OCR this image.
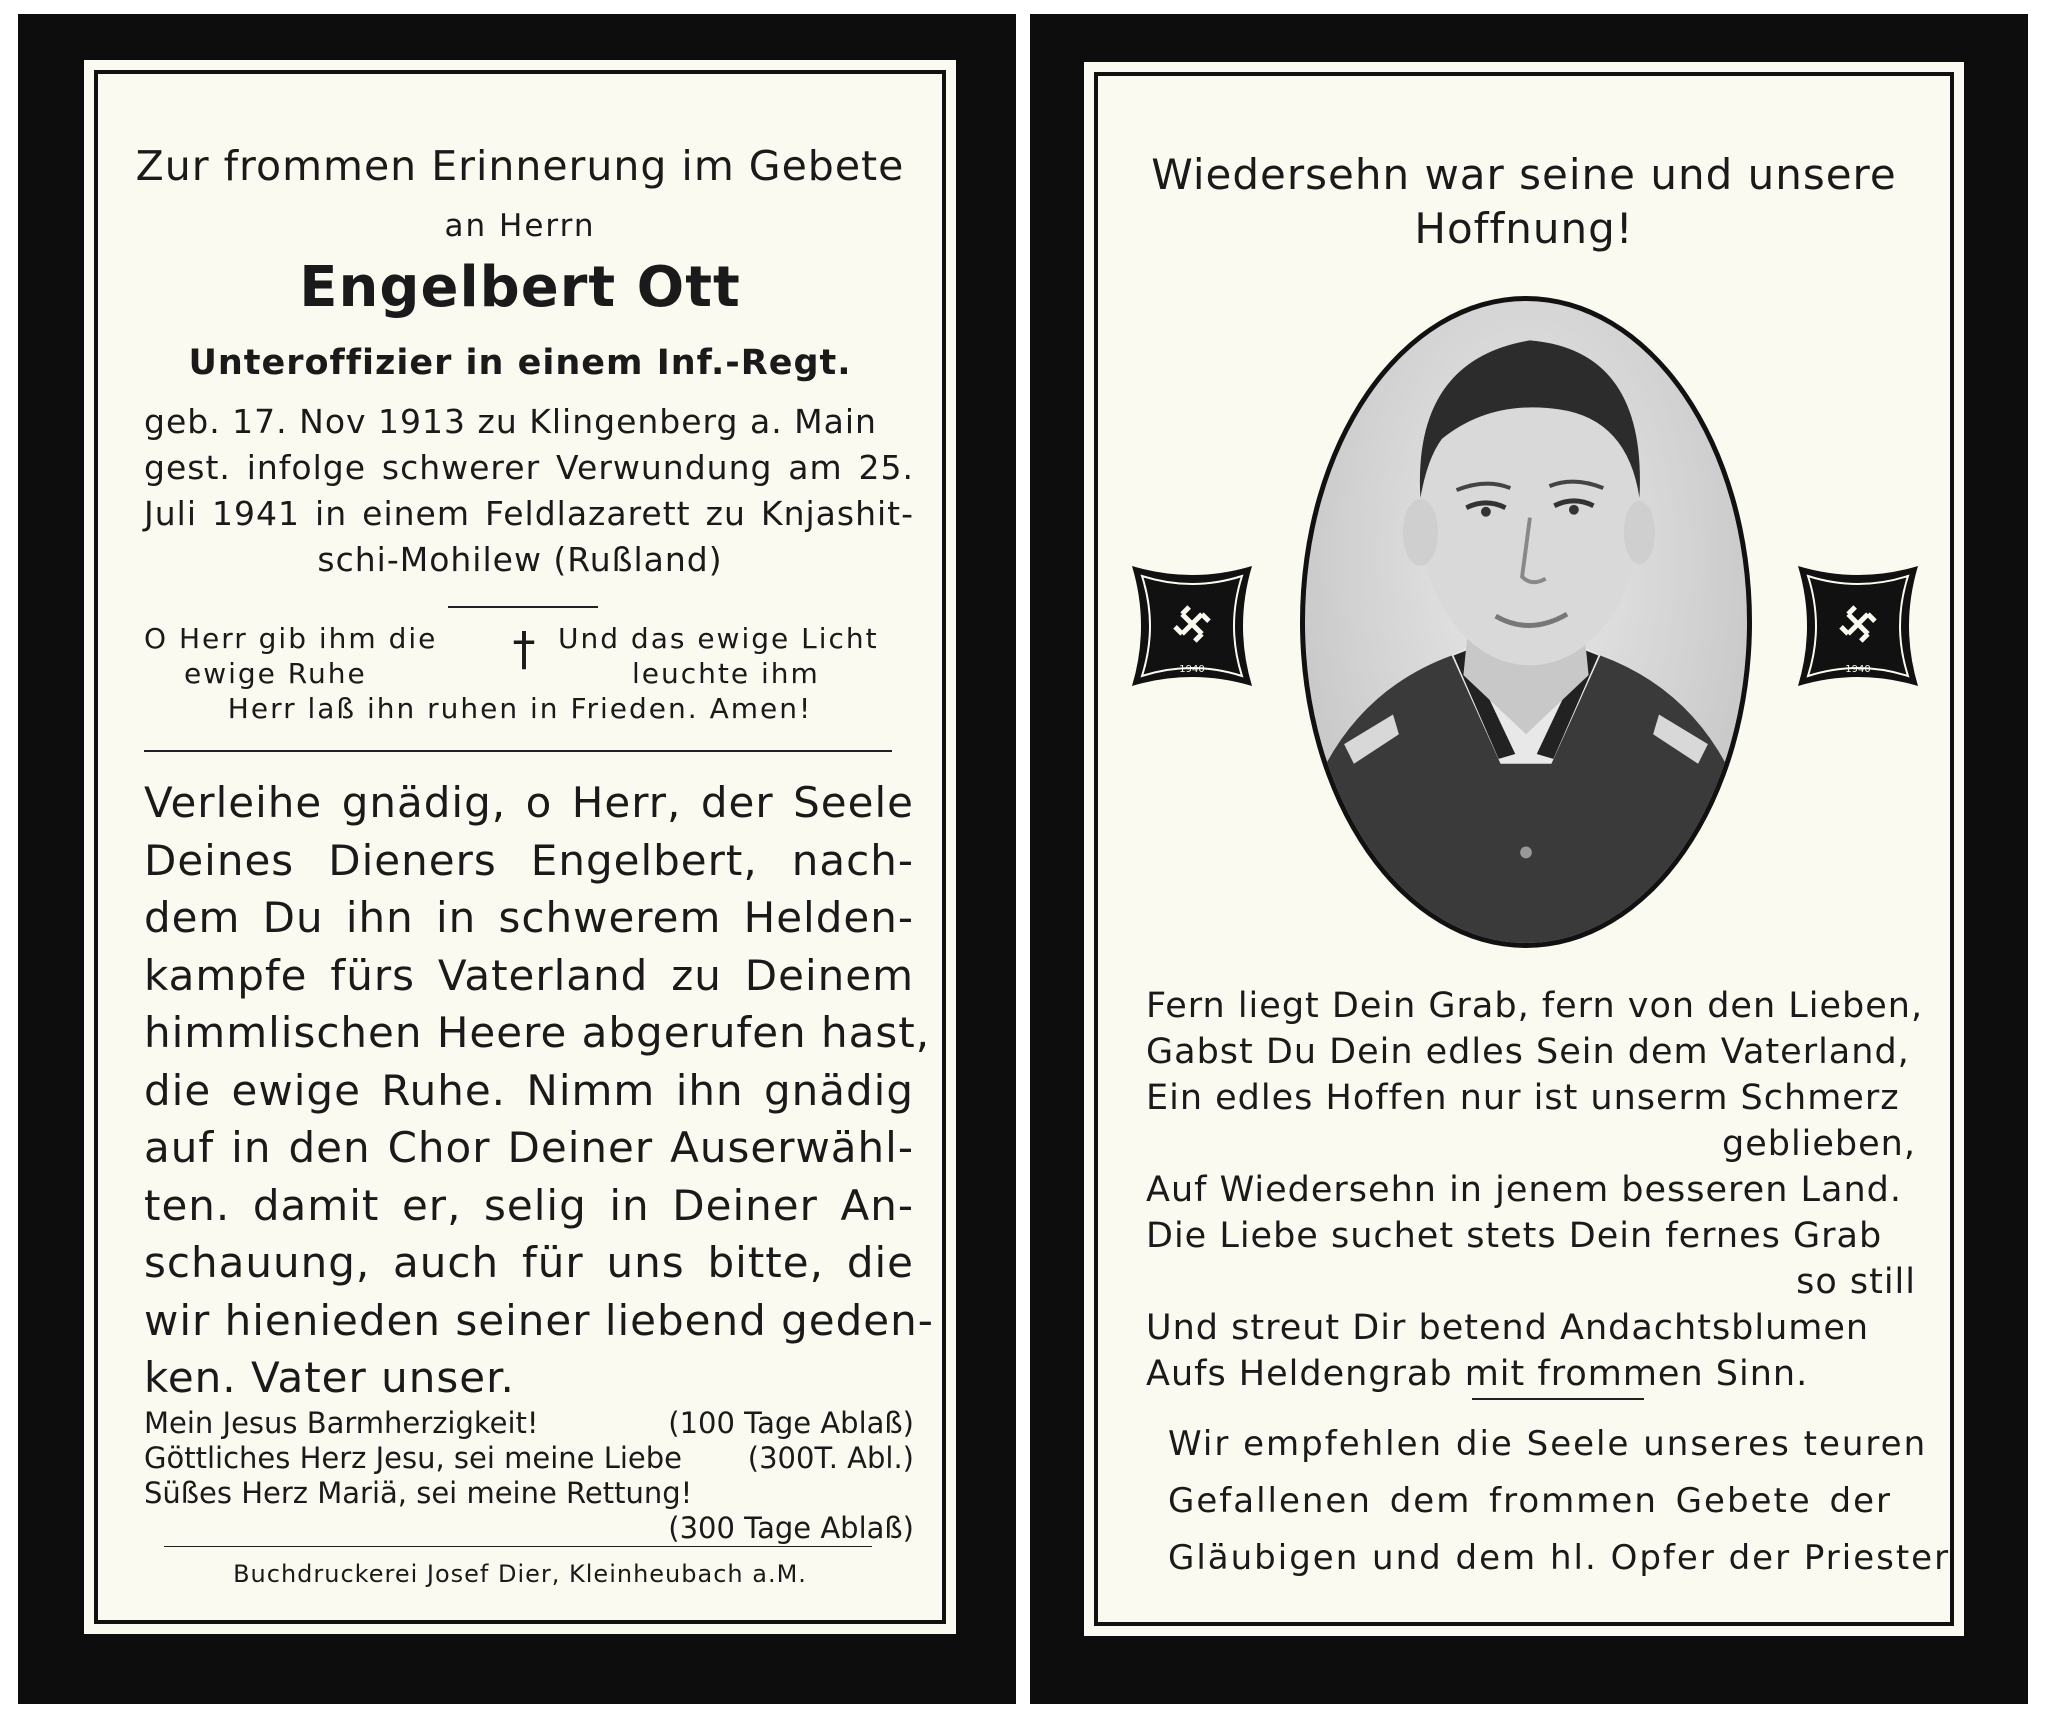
Zur frommen Erinnerung im Gebete
an Herrn
Engelbert Ott
Unteroffizier in einem Inf.-Regt.
geb. 17. Nov 1913 zu Klingenberg a. Main
gest. infolge schwerer Verwundung am 25.
Juli 1941 in einem Feldlazarett zu Knjashit-
schi-Mohilew (Rußland)
O Herr gib ihm die
ewige Ruhe	† Und das ewige Licht
leuchte ihm
Herr laß ihn ruhen in Frieden. Amen!
Verleihe gnädig, o Herr, der Seele
Deines Dieners Engelbert, nach-
dem Du ihn in schwerem Helden-
kampfe fürs Vaterland zu Deinem
himmlischen Heere abgerufen hast,
die ewige Ruhe. Nimm ihn gnädig
auf in den Chor Deiner Auserwähl-
ten. damit er, selig in Deiner An-
schauung, auch für uns bitte, die
wir hienieden seiner liebend geden-
ken. Vater unser.
Mein Jesus Barmherzigkeit!	(100 Tage Ablaß)
Göttliches Herz Jesu, sei meine Liebe (300T. Abl.)
Süßes Herz Mariä, sei meine Rettung!
(300 Tage Ablaß)
Buchdruckerei Josef Dier, Kleinheubach a.M.
Wiedersehn war seine und unsere
Hoffnung!
1940	1940
Fern liegt Dein Grab, fern von den Lieben,
Gabst Du Dein edles Sein dem Vaterland,
Ein edles Hoffen nur ist unserm Schmerz
geblieben,
Auf Wiedersehn in jenem besseren Land.
Die Liebe suchet stets Dein fernes Grab
so still
Und streut Dir betend Andachtsblumen
Aufs Heldengrab mit frommen Sinn.
Wir empfehlen die Seele unseres teuren
Gefallenen dem frommen Gebete der
Gläubigen und dem hl. Opfer der Priester
